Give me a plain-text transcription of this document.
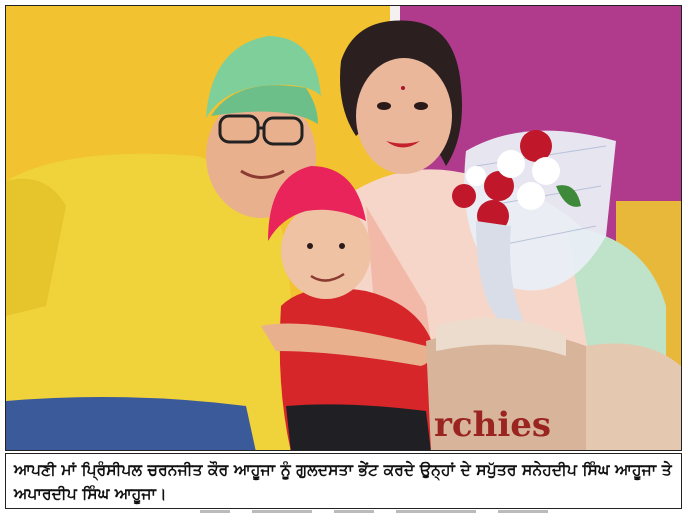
rchies
ਆਪਣੀ ਮਾਂ ਪ੍ਰਿੰਸੀਪਲ ਚਰਨਜੀਤ ਕੌਰ ਆਹੂਜਾ ਨੂੰ ਗੁਲਦਸਤਾ ਭੇਂਟ ਕਰਦੇ ਉਨ੍ਹਾਂ ਦੇ ਸਪੁੱਤਰ ਸਨੇਹਦੀਪ ਸਿੰਘ ਆਹੂਜਾ ਤੇ ਅਪਾਰਦੀਪ ਸਿੰਘ ਆਹੂਜਾ।
